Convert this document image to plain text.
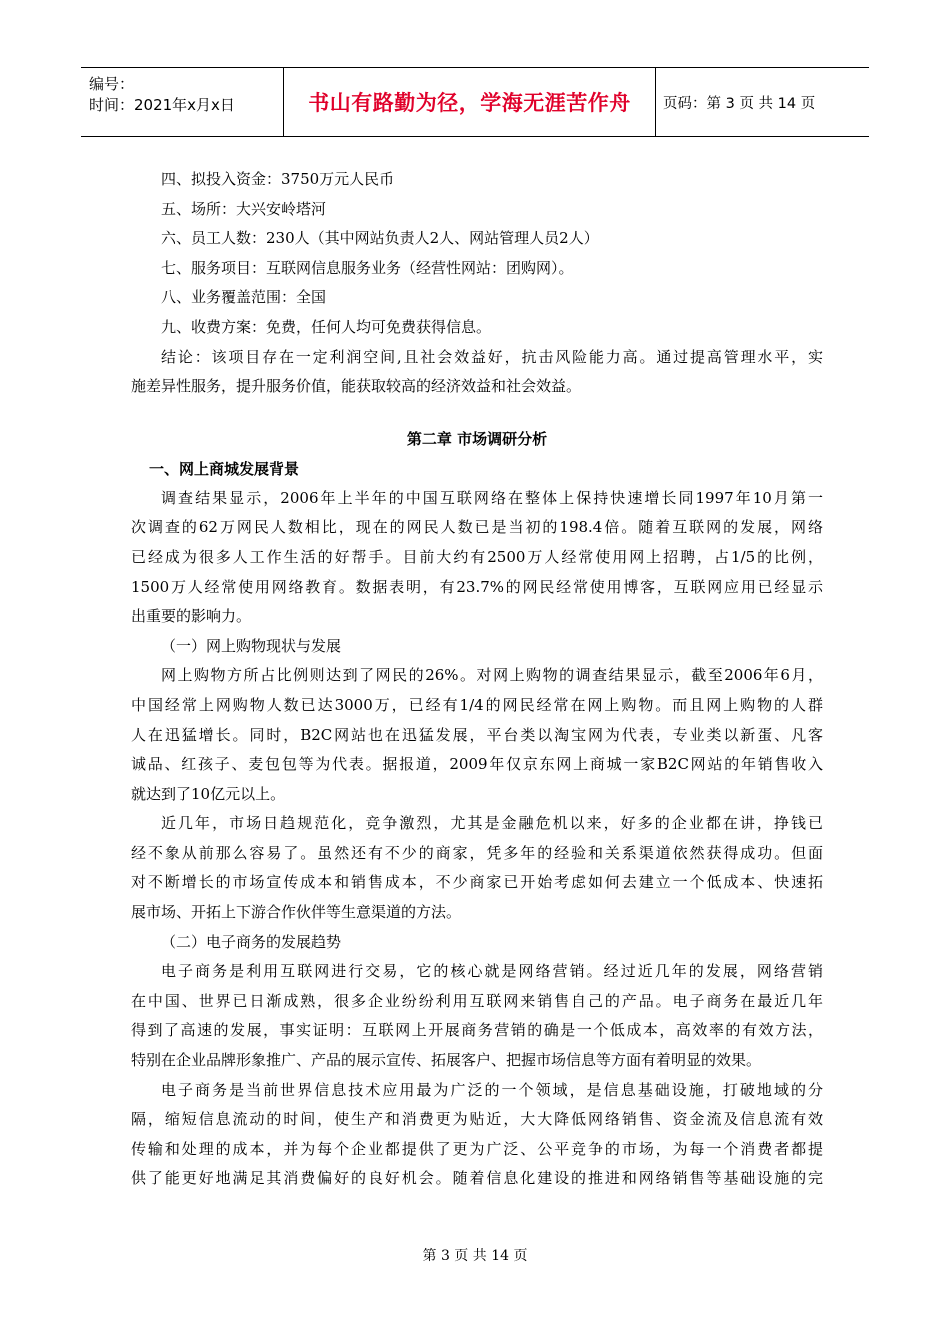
编号：
时间：2021年x月x日	书山有路勤为径，学海无涯苦作舟	页码：第 3 页 共 14 页
四、拟投入资金：3750万元人民币
五、场所：大兴安岭塔河
六、员工人数：230人（其中网站负责人2人、网站管理人员2人）
七、服务项目：互联网信息服务业务（经营性网站：团购网）。
八、业务覆盖范围：全国
九、收费方案：免费，任何人均可免费获得信息。
结论：该项目存在一定利润空间,且社会效益好，抗击风险能力高。通过提高管理水平，实
施差异性服务，提升服务价值，能获取较高的经济效益和社会效益。
第二章 市场调研分析
一、网上商城发展背景
调查结果显示，2006年上半年的中国互联网络在整体上保持快速增长同1997年10月第一
次调查的62万网民人数相比，现在的网民人数已是当初的198.4倍。随着互联网的发展，网络
已经成为很多人工作生活的好帮手。目前大约有2500万人经常使用网上招聘，占1/5的比例，
1500万人经常使用网络教育。数据表明，有23.7%的网民经常使用博客，互联网应用已经显示
出重要的影响力。
（一）网上购物现状与发展
网上购物方所占比例则达到了网民的26%。对网上购物的调查结果显示，截至2006年6月，
中国经常上网购物人数已达3000万，已经有1/4的网民经常在网上购物。而且网上购物的人群
人在迅猛增长。同时，B2C网站也在迅猛发展，平台类以淘宝网为代表，专业类以新蛋、凡客
诚品、红孩子、麦包包等为代表。据报道，2009年仅京东网上商城一家B2C网站的年销售收入
就达到了10亿元以上。
近几年，市场日趋规范化，竞争激烈，尤其是金融危机以来，好多的企业都在讲，挣钱已
经不象从前那么容易了。虽然还有不少的商家，凭多年的经验和关系渠道依然获得成功。但面
对不断增长的市场宣传成本和销售成本，不少商家已开始考虑如何去建立一个低成本、快速拓
展市场、开拓上下游合作伙伴等生意渠道的方法。
（二）电子商务的发展趋势
电子商务是利用互联网进行交易，它的核心就是网络营销。经过近几年的发展，网络营销
在中国、世界已日渐成熟，很多企业纷纷利用互联网来销售自己的产品。电子商务在最近几年
得到了高速的发展，事实证明：互联网上开展商务营销的确是一个低成本，高效率的有效方法，
特别在企业品牌形象推广、产品的展示宣传、拓展客户、把握市场信息等方面有着明显的效果。
电子商务是当前世界信息技术应用最为广泛的一个领域，是信息基础设施，打破地域的分
隔，缩短信息流动的时间，使生产和消费更为贴近，大大降低网络销售、资金流及信息流有效
传输和处理的成本，并为每个企业都提供了更为广泛、公平竞争的市场，为每一个消费者都提
供了能更好地满足其消费偏好的良好机会。随着信息化建设的推进和网络销售等基础设施的完
第 3 页 共 14 页
